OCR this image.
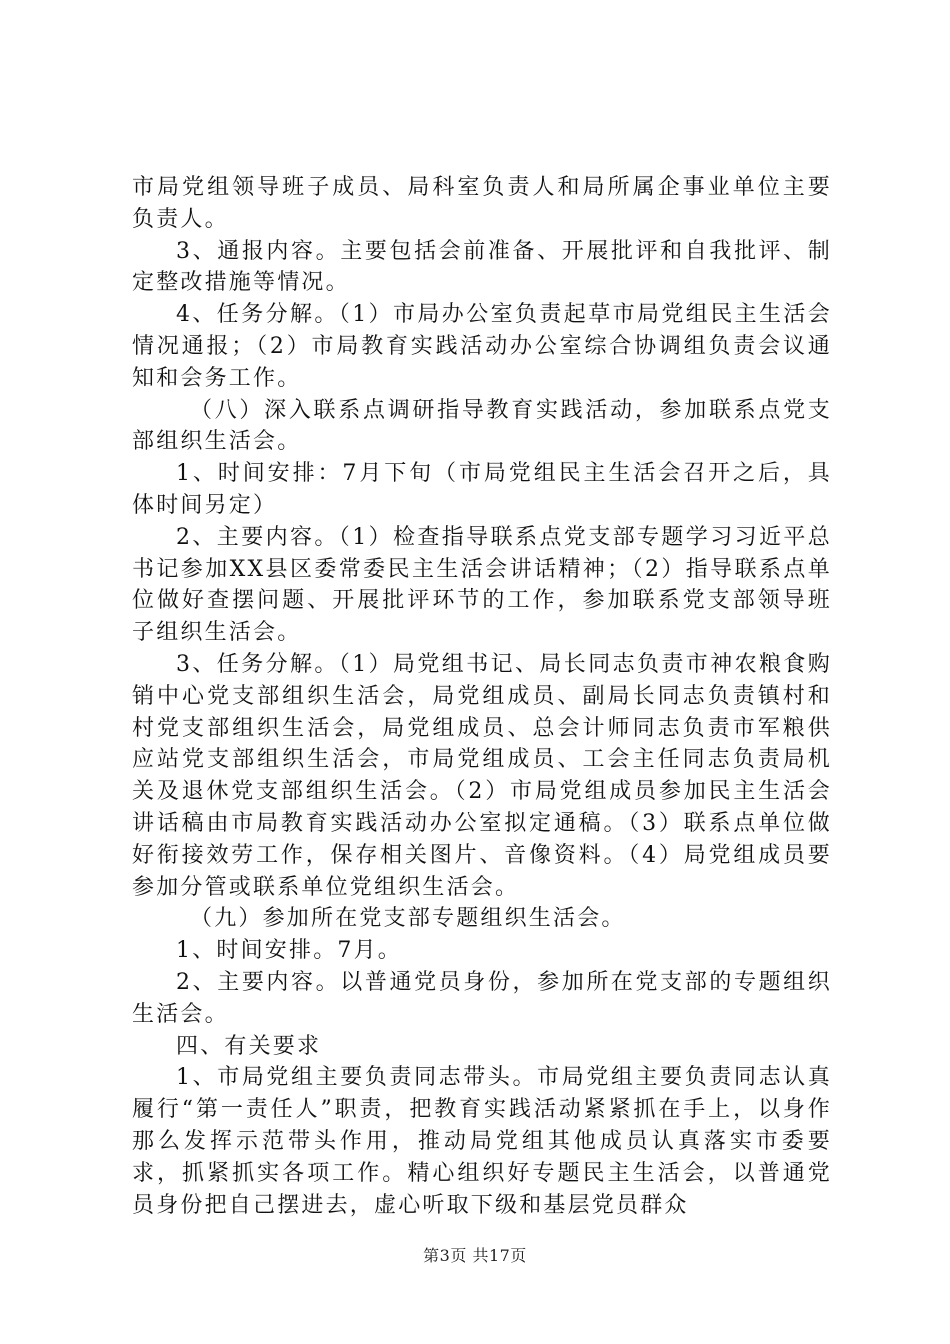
市局党组领导班子成员、局科室负责人和局所属企事业单位主要负责人。

3、通报内容。主要包括会前准备、开展批评和自我批评、制定整改措施等情况。

4、任务分解。（1）市局办公室负责起草市局党组民主生活会情况通报；（2）市局教育实践活动办公室综合协调组负责会议通知和会务工作。

（八）深入联系点调研指导教育实践活动，参加联系点党支部组织生活会。

1、时间安排：7月下旬（市局党组民主生活会召开之后，具体时间另定）

2、主要内容。（1）检查指导联系点党支部专题学习习近平总书记参加XX县区委常委民主生活会讲话精神；（2）指导联系点单位做好查摆问题、开展批评环节的工作，参加联系党支部领导班子组织生活会。

3、任务分解。（1）局党组书记、局长同志负责市神农粮食购销中心党支部组织生活会，局党组成员、副局长同志负责镇村和村党支部组织生活会，局党组成员、总会计师同志负责市军粮供应站党支部组织生活会，市局党组成员、工会主任同志负责局机关及退休党支部组织生活会。（2）市局党组成员参加民主生活会讲话稿由市局教育实践活动办公室拟定通稿。（3）联系点单位做好衔接效劳工作，保存相关图片、音像资料。（4）局党组成员要参加分管或联系单位党组织生活会。

（九）参加所在党支部专题组织生活会。

1、时间安排。7月。

2、主要内容。以普通党员身份，参加所在党支部的专题组织生活会。

四、有关要求

1、市局党组主要负责同志带头。市局党组主要负责同志认真履行“第一责任人”职责，把教育实践活动紧紧抓在手上，以身作那么发挥示范带头作用，推动局党组其他成员认真落实市委要求，抓紧抓实各项工作。精心组织好专题民主生活会，以普通党员身份把自己摆进去，虚心听取下级和基层党员群众

第3页 共17页
